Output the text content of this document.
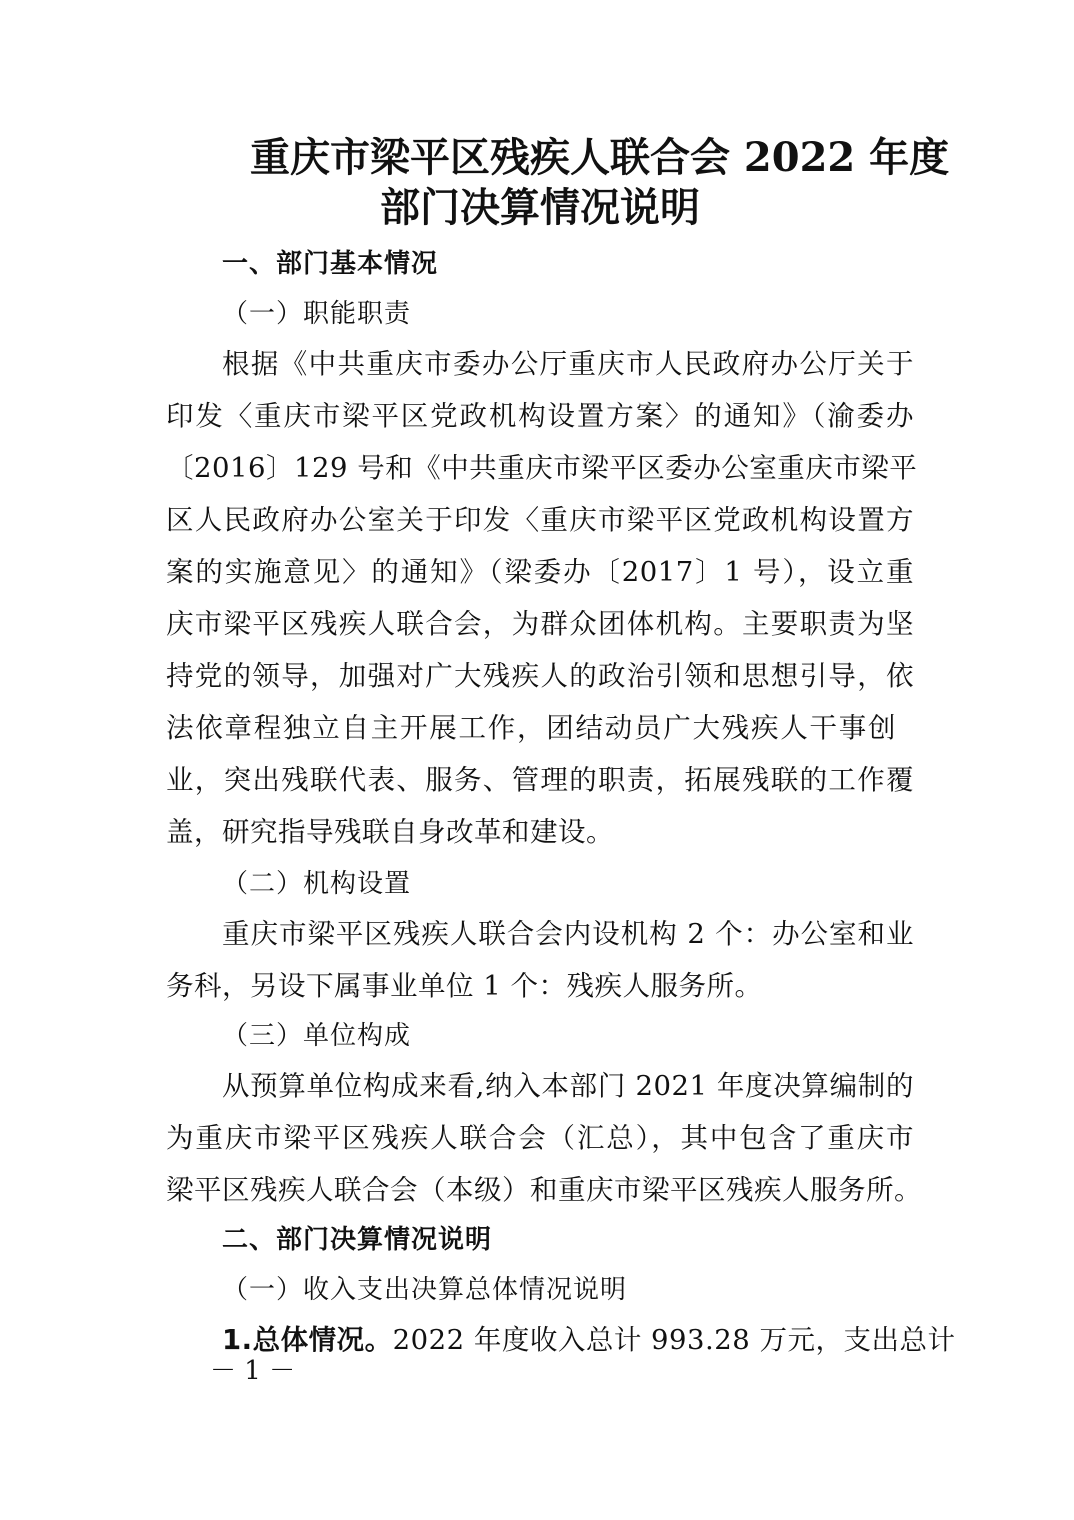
重庆市梁平区残疾人联合会 2022 年度
部门决算情况说明
一、部门基本情况
（一）职能职责
根据《中共重庆市委办公厅重庆市人民政府办公厅关于
印发〈重庆市梁平区党政机构设置方案〉的通知》（渝委办
〔2016〕129 号和《中共重庆市梁平区委办公室重庆市梁平
区人民政府办公室关于印发〈重庆市梁平区党政机构设置方
案的实施意见〉的通知》（梁委办〔2017〕1 号），设立重
庆市梁平区残疾人联合会，为群众团体机构。主要职责为坚
持党的领导，加强对广大残疾人的政治引领和思想引导，依
法依章程独立自主开展工作，团结动员广大残疾人干事创
业，突出残联代表、服务、管理的职责，拓展残联的工作覆
盖，研究指导残联自身改革和建设。
（二）机构设置
重庆市梁平区残疾人联合会内设机构 2 个：办公室和业
务科，另设下属事业单位 1 个：残疾人服务所。
（三）单位构成
从预算单位构成来看,纳入本部门 2021 年度决算编制的
为重庆市梁平区残疾人联合会（汇总），其中包含了重庆市
梁平区残疾人联合会（本级）和重庆市梁平区残疾人服务所。
二、部门决算情况说明
（一）收入支出决算总体情况说明
1.总体情况。2022 年度收入总计 993.28 万元，支出总计
－ 1 －
